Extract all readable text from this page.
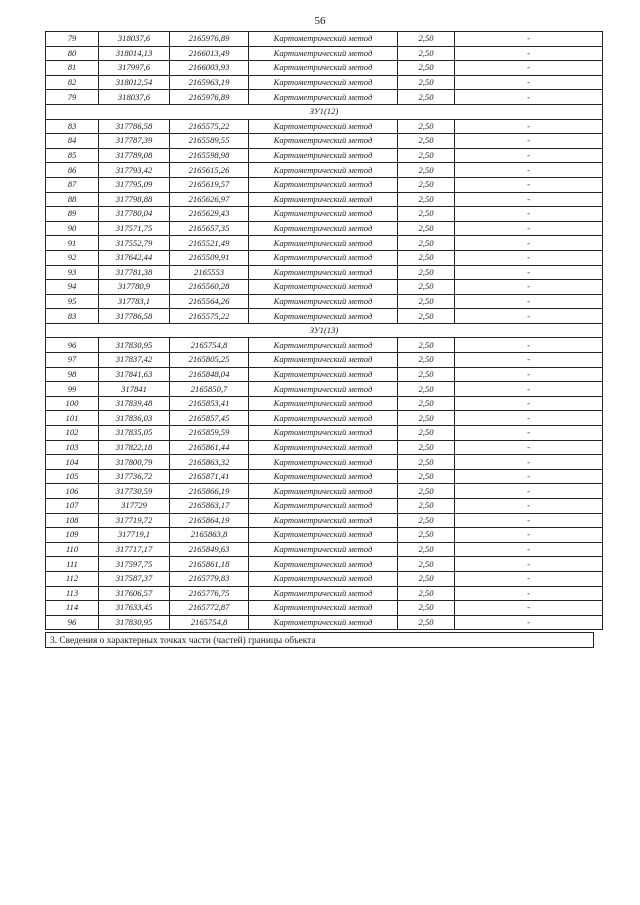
56
79	318037,6	2165976,89	Картометрический метод	2,50	-
80	318014,13	2166013,49	Картометрический метод	2,50	-
81	317997,6	2166003,93	Картометрический метод	2,50	-
82	318012,54	2165963,19	Картометрический метод	2,50	-
79	318037,6	2165976,89	Картометрический метод	2,50	-
ЗУ1(12)					
83	317786,58	2165575,22	Картометрический метод	2,50	-
84	317787,39	2165589,55	Картометрический метод	2,50	-
85	317789,08	2165598,98	Картометрический метод	2,50	-
86	317793,42	2165615,26	Картометрический метод	2,50	-
87	317795,09	2165619,57	Картометрический метод	2,50	-
88	317798,88	2165626,97	Картометрический метод	2,50	-
89	317780,04	2165629,43	Картометрический метод	2,50	-
90	317571,75	2165657,35	Картометрический метод	2,50	-
91	317552,79	2165521,49	Картометрический метод	2,50	-
92	317642,44	2165509,91	Картометрический метод	2,50	-
93	317781,38	2165553	Картометрический метод	2,50	-
94	317780,9	2165560,28	Картометрический метод	2,50	-
95	317783,1	2165564,26	Картометрический метод	2,50	-
83	317786,58	2165575,22	Картометрический метод	2,50	-
ЗУ1(13)					
96	317830,95	2165754,8	Картометрический метод	2,50	-
97	317837,42	2165805,25	Картометрический метод	2,50	-
98	317841,63	2165848,04	Картометрический метод	2,50	-
99	317841	2165850,7	Картометрический метод	2,50	-
100	317839,48	2165853,41	Картометрический метод	2,50	-
101	317836,03	2165857,45	Картометрический метод	2,50	-
102	317835,05	2165859,59	Картометрический метод	2,50	-
103	317822,18	2165861,44	Картометрический метод	2,50	-
104	317800,79	2165863,32	Картометрический метод	2,50	-
105	317736,72	2165871,41	Картометрический метод	2,50	-
106	317730,59	2165866,19	Картометрический метод	2,50	-
107	317729	2165863,17	Картометрический метод	2,50	-
108	317719,72	2165864,19	Картометрический метод	2,50	-
109	317719,1	2165863,8	Картометрический метод	2,50	-
110	317717,17	2165849,63	Картометрический метод	2,50	-
111	317597,75	2165861,18	Картометрический метод	2,50	-
112	317587,37	2165779,83	Картометрический метод	2,50	-
113	317606,57	2165776,75	Картометрический метод	2,50	-
114	317633,45	2165772,87	Картометрический метод	2,50	-
96	317830,95	2165754,8	Картометрический метод	2,50	-
3. Сведения о характерных точках части (частей) границы объекта
